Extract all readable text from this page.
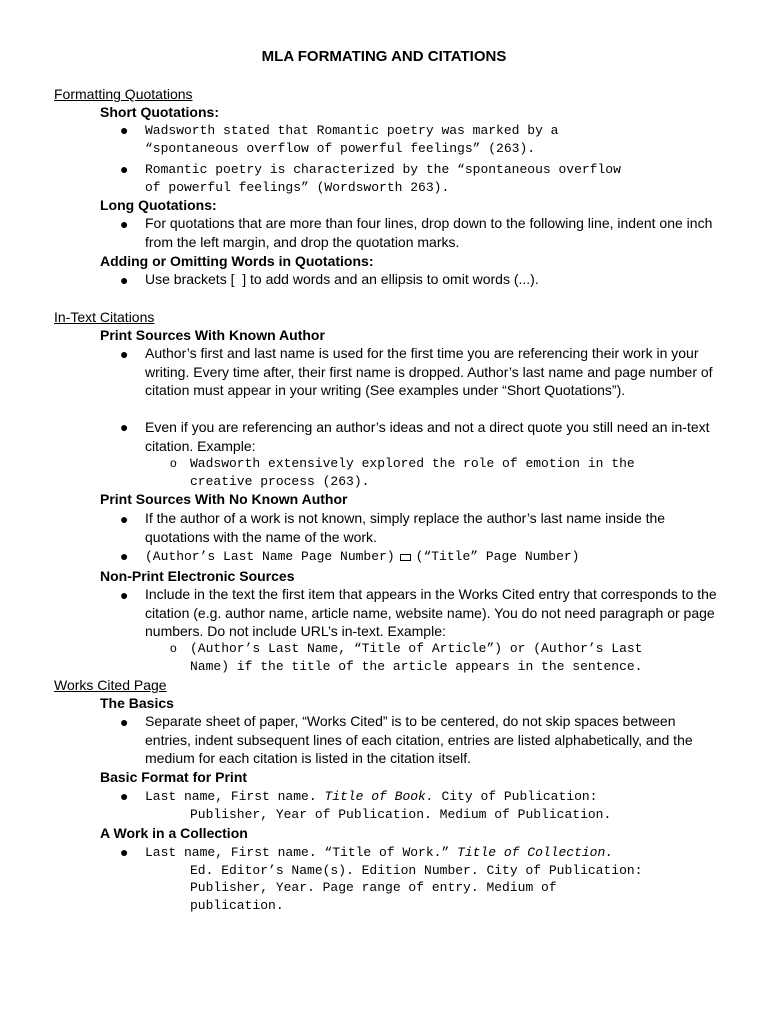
MLA FORMATING AND CITATIONS
Formatting Quotations
Short Quotations:
● Wadsworth stated that Romantic poetry was marked by a
“spontaneous overflow of powerful feelings” (263).
● Romantic poetry is characterized by the “spontaneous overflow
of powerful feelings” (Wordsworth 263).
Long Quotations:
● For quotations that are more than four lines, drop down to the following line, indent one inch from the left margin, and drop the quotation marks.
Adding or Omitting Words in Quotations:
● Use brackets [  ] to add words and an ellipsis to omit words (...).
In-Text Citations
Print Sources With Known Author
● Author’s first and last name is used for the first time you are referencing their work in your writing. Every time after, their first name is dropped. Author’s last name and page number of citation must appear in your writing (See examples under “Short Quotations”).
● Even if you are referencing an author’s ideas and not a direct quote you still need an in-text citation. Example:
o Wadsworth extensively explored the role of emotion in the
creative process (263).
Print Sources With No Known Author
● If the author of a work is not known, simply replace the author’s last name inside the quotations with the name of the work.
● (Author’s Last Name Page Number) (“Title” Page Number)
Non-Print Electronic Sources
● Include in the text the first item that appears in the Works Cited entry that corresponds to the citation (e.g. author name, article name, website name). You do not need paragraph or page numbers. Do not include URL’s in-text. Example:
o (Author’s Last Name, “Title of Article”) or (Author’s Last
Name) if the title of the article appears in the sentence.
Works Cited Page
The Basics
● Separate sheet of paper, “Works Cited” is to be centered, do not skip spaces between entries, indent subsequent lines of each citation, entries are listed alphabetically, and the medium for each citation is listed in the citation itself.
Basic Format for Print
● Last name, First name. Title of Book. City of Publication:
Publisher, Year of Publication. Medium of Publication.
A Work in a Collection
● Last name, First name. “Title of Work.” Title of Collection.
Ed. Editor’s Name(s). Edition Number. City of Publication:
Publisher, Year. Page range of entry. Medium of
publication.
